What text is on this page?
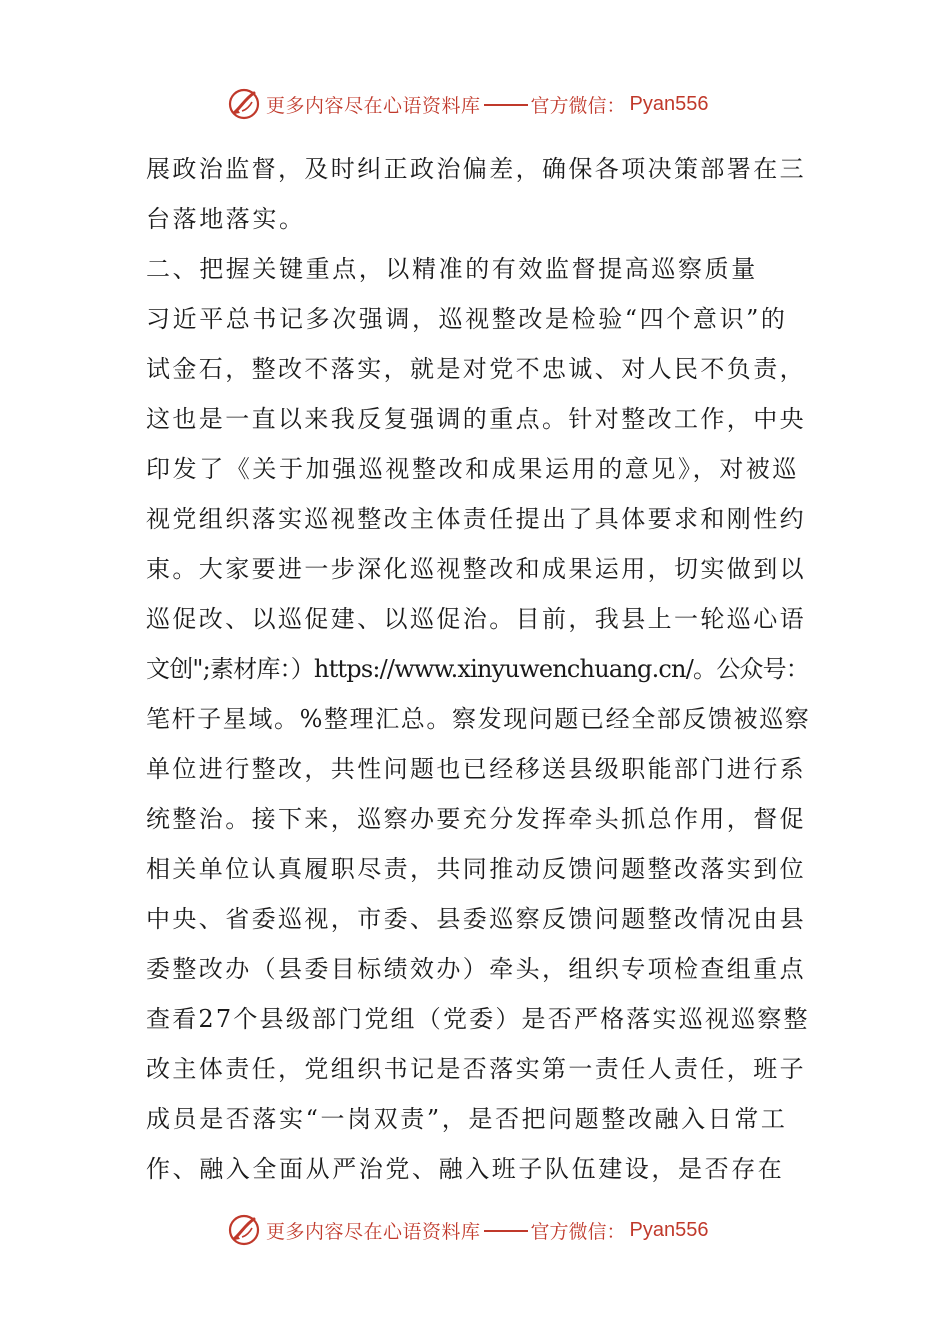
更多内容尽在心语资料库	官方微信： Pyan556
展政治监督，及时纠正政治偏差，确保各项决策部署在三
台落地落实。
二、把握关键重点，以精准的有效监督提高巡察质量
习近平总书记多次强调，巡视整改是检验“四个意识”的
试金石，整改不落实，就是对党不忠诚、对人民不负责，
这也是一直以来我反复强调的重点。针对整改工作，中央
印发了《关于加强巡视整改和成果运用的意见》，对被巡
视党组织落实巡视整改主体责任提出了具体要求和刚性约
束。大家要进一步深化巡视整改和成果运用，切实做到以
巡促改、以巡促建、以巡促治。目前，我县上一轮巡心语
文创";素材库：）https://www.xinyuwenchuang.cn/。公众号：
笔杆子星域。%整理汇总。察发现问题已经全部反馈被巡察
单位进行整改，共性问题也已经移送县级职能部门进行系
统整治。接下来，巡察办要充分发挥牵头抓总作用，督促
相关单位认真履职尽责，共同推动反馈问题整改落实到位
中央、省委巡视，市委、县委巡察反馈问题整改情况由县
委整改办（县委目标绩效办）牵头，组织专项检查组重点
查看27个县级部门党组（党委）是否严格落实巡视巡察整
改主体责任，党组织书记是否落实第一责任人责任，班子
成员是否落实“一岗双责”，是否把问题整改融入日常工
作、融入全面从严治党、融入班子队伍建设，是否存在
更多内容尽在心语资料库	官方微信： Pyan556
